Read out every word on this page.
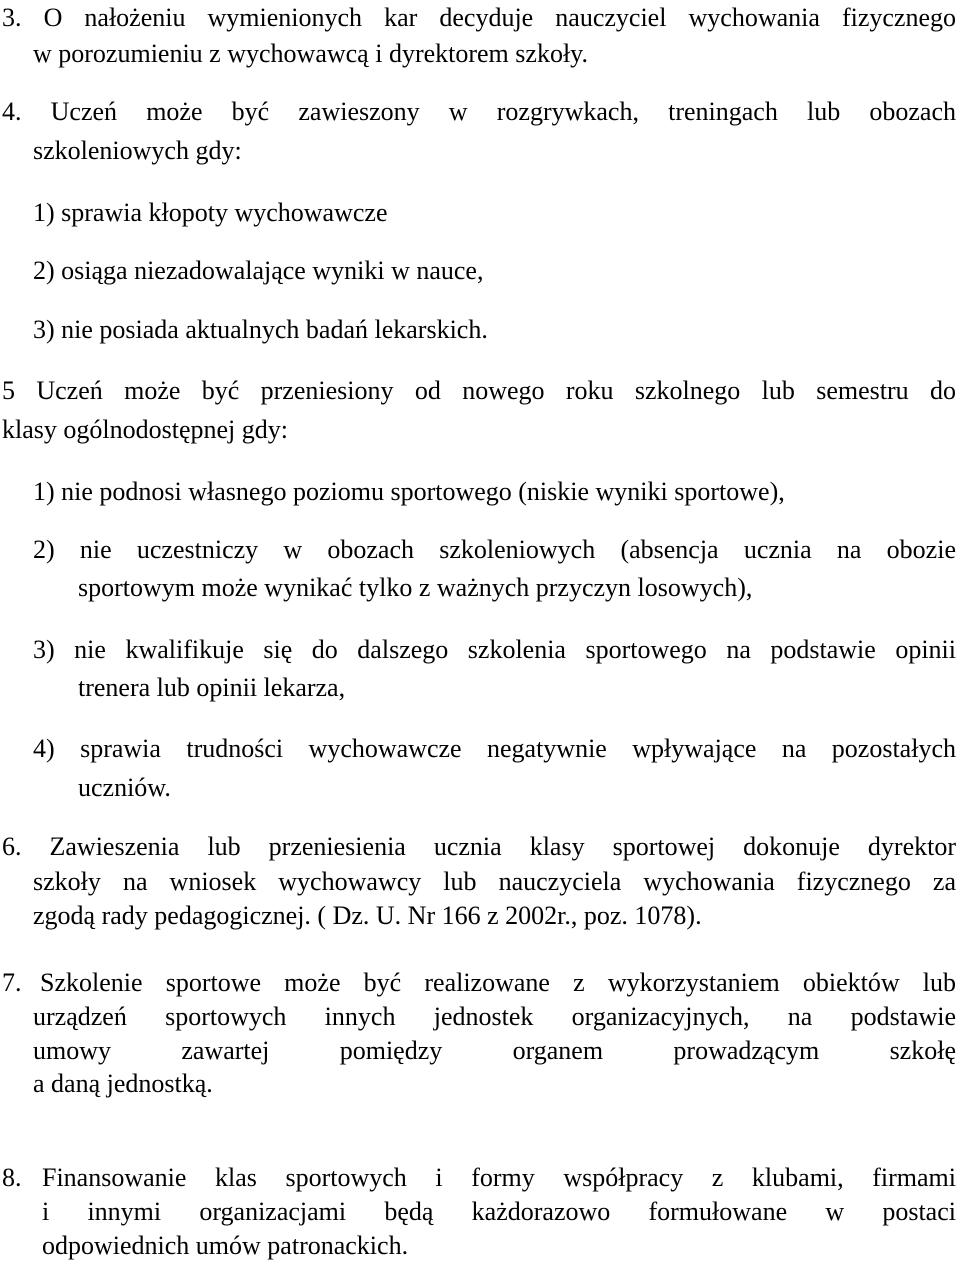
3. O nałożeniu wymienionych kar decyduje nauczyciel wychowania fizycznego
w porozumieniu z wychowawcą i dyrektorem szkoły.
4. Uczeń może być zawieszony w rozgrywkach, treningach lub obozach
szkoleniowych gdy:
1) sprawia kłopoty wychowawcze
2) osiąga niezadowalające wyniki w nauce,
3) nie posiada aktualnych badań lekarskich.
5 Uczeń może być przeniesiony od nowego roku szkolnego lub semestru do
klasy ogólnodostępnej gdy:
1) nie podnosi własnego poziomu sportowego (niskie wyniki sportowe),
2) nie uczestniczy w obozach szkoleniowych (absencja ucznia na obozie
sportowym może wynikać tylko z ważnych przyczyn losowych),
3) nie kwalifikuje się do dalszego szkolenia sportowego na podstawie opinii
trenera lub opinii lekarza,
4) sprawia trudności wychowawcze negatywnie wpływające na pozostałych
uczniów.
6. Zawieszenia lub przeniesienia ucznia klasy sportowej dokonuje dyrektor
szkoły na wniosek wychowawcy lub nauczyciela wychowania fizycznego za
zgodą rady pedagogicznej. ( Dz. U. Nr 166 z 2002r., poz. 1078).
7. Szkolenie sportowe może być realizowane z wykorzystaniem obiektów lub
urządzeń sportowych innych jednostek organizacyjnych, na podstawie
umowy zawartej pomiędzy organem prowadzącym szkołę
a daną jednostką.
8. Finansowanie klas sportowych i formy współpracy z klubami, firmami
i innymi organizacjami będą każdorazowo formułowane w postaci
odpowiednich umów patronackich.
